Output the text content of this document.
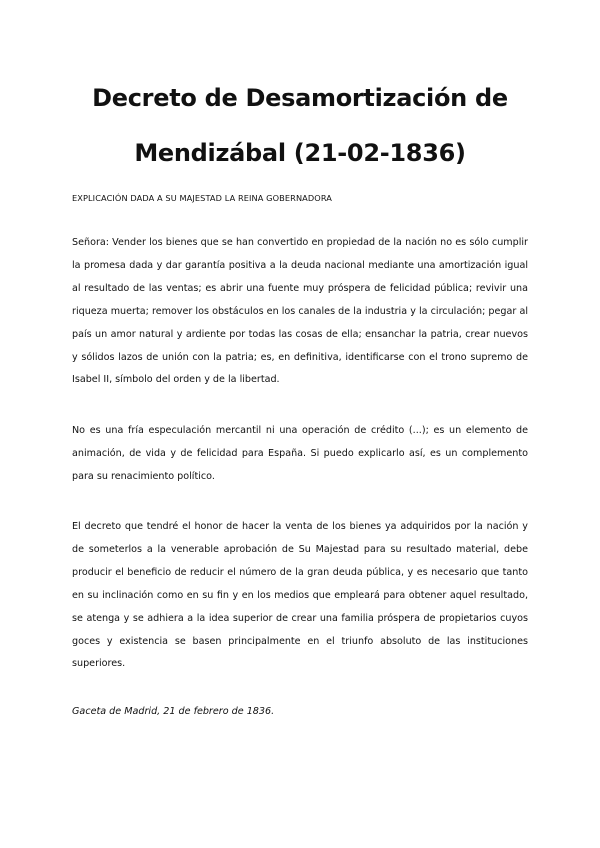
Decreto de Desamortización de
Mendizábal (21-02-1836)
EXPLICACIÓN DADA A SU MAJESTAD LA REINA GOBERNADORA

Señora: Vender los bienes que se han convertido en propiedad de la nación no es sólo cumplir la promesa dada y dar garantía positiva a la deuda nacional mediante una amortización igual al resultado de las ventas; es abrir una fuente muy próspera de felicidad pública; revivir una riqueza muerta; remover los obstáculos en los canales de la industria y la circulación; pegar al país un amor natural y ardiente por todas las cosas de ella; ensanchar la patria, crear nuevos y sólidos lazos de unión con la patria; es, en definitiva, identificarse con el trono supremo de Isabel II, símbolo del orden y de la libertad.

No es una fría especulación mercantil ni una operación de crédito (...); es un elemento de animación, de vida y de felicidad para España. Si puedo explicarlo así, es un complemento para su renacimiento político.

El decreto que tendré el honor de hacer la venta de los bienes ya adquiridos por la nación y de someterlos a la venerable aprobación de Su Majestad para su resultado material, debe producir el beneficio de reducir el número de la gran deuda pública, y es necesario que tanto en su inclinación como en su fin y en los medios que empleará para obtener aquel resultado, se atenga y se adhiera a la idea superior de crear una familia próspera de propietarios cuyos goces y existencia se basen principalmente en el triunfo absoluto de las instituciones superiores.

Gaceta de Madrid, 21 de febrero de 1836.
